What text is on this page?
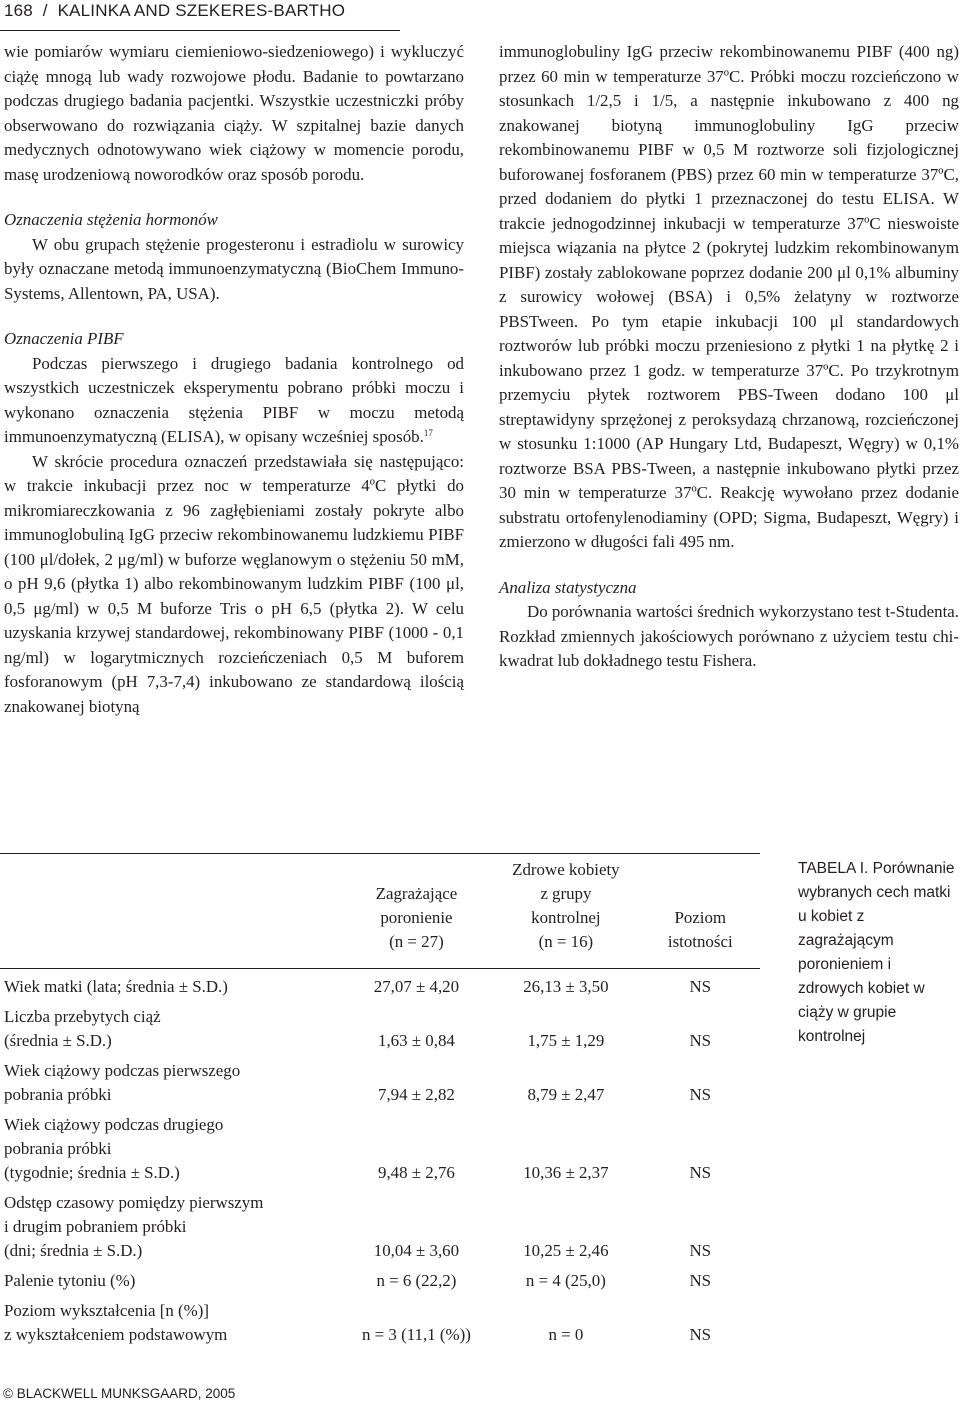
168  /  KALINKA AND SZEKERES-BARTHO

wie pomiarów wymiaru ciemieniowo-siedzeniowego) i wykluczyć ciążę mnogą lub wady rozwojowe płodu. Badanie to powtarzano podczas drugiego badania pacjentki. Wszystkie uczestniczki próby obserwowano do rozwiązania ciąży. W szpitalnej bazie danych medycznych odnotowywano wiek ciążowy w momencie porodu, masę urodzeniową noworodków oraz sposób porodu.

Oznaczenia stężenia hormonów

W obu grupach stężenie progesteronu i estradiolu w surowicy były oznaczane metodą immunoenzymatyczną (BioChem Immuno-Systems, Allentown, PA, USA).

Oznaczenia PIBF

Podczas pierwszego i drugiego badania kontrolnego od wszystkich uczestniczek eksperymentu pobrano próbki moczu i wykonano oznaczenia stężenia PIBF w moczu metodą immunoenzymatyczną (ELISA), w opisany wcześniej sposób.$^{17}$

W skrócie procedura oznaczeń przedstawiała się następująco: w trakcie inkubacji przez noc w temperaturze 4ºC płytki do mikromiareczkowania z 96 zagłębieniami zostały pokryte albo immunoglobuliną IgG przeciw rekombinowanemu ludzkiemu PIBF (100 μl/dołek, 2 μg/ml) w buforze węglanowym o stężeniu 50 mM, o pH 9,6 (płytka 1) albo rekombinowanym ludzkim PIBF (100 μl, 0,5 μg/ml) w 0,5 M buforze Tris o pH 6,5 (płytka 2). W celu uzyskania krzywej standardowej, rekombinowany PIBF (1000 - 0,1 ng/ml) w logarytmicznych rozcieńczeniach 0,5 M buforem fosforanowym (pH 7,3-7,4) inkubowano ze standardową ilością znakowanej biotyną

immunoglobuliny IgG przeciw rekombinowanemu PIBF (400 ng) przez 60 min w temperaturze 37ºC. Próbki moczu rozcieńczono w stosunkach 1/2,5 i 1/5, a następnie inkubowano z 400 ng znakowanej biotyną immunoglobuliny IgG przeciw rekombinowanemu PIBF w 0,5 M roztworze soli fizjologicznej buforowanej fosforanem (PBS) przez 60 min w temperaturze 37ºC, przed dodaniem do płytki 1 przeznaczonej do testu ELISA. W trakcie jednogodzinnej inkubacji w temperaturze 37ºC nieswoiste miejsca wiązania na płytce 2 (pokrytej ludzkim rekombinowanym PIBF) zostały zablokowane poprzez dodanie 200 μl 0,1% albuminy z surowicy wołowej (BSA) i 0,5% żelatyny w roztworze PBSTween. Po tym etapie inkubacji 100 μl standardowych roztworów lub próbki moczu przeniesiono z płytki 1 na płytkę 2 i inkubowano przez 1 godz. w temperaturze 37ºC. Po trzykrotnym przemyciu płytek roztworem PBS-Tween dodano 100 μl streptawidyny sprzężonej z peroksydazą chrzanową, rozcieńczonej w stosunku 1:1000 (AP Hungary Ltd, Budapeszt, Węgry) w 0,1% roztworze BSA PBS-Tween, a następnie inkubowano płytki przez 30 min w temperaturze 37ºC. Reakcję wywołano przez dodanie substratu ortofenylenodiaminy (OPD; Sigma, Budapeszt, Węgry) i zmierzono w długości fali 495 nm.

Analiza statystyczna

Do porównania wartości średnich wykorzystano test t-Studenta. Rozkład zmiennych jakościowych porównano z użyciem testu chi-kwadrat lub dokładnego testu Fishera.

	Zagrażające
poronienie
(n = 27)	Zdrowe kobiety
z grupy
kontrolnej
(n = 16)	Poziom
istotności
Wiek matki (lata; średnia ± S.D.)	27,07 ± 4,20	26,13 ± 3,50	NS
Liczba przebytych ciąż
(średnia ± S.D.)	1,63 ± 0,84	1,75 ± 1,29	NS
Wiek ciążowy podczas pierwszego
pobrania próbki	7,94 ± 2,82	8,79 ± 2,47	NS
Wiek ciążowy podczas drugiego
pobrania próbki
(tygodnie; średnia ± S.D.)	9,48 ± 2,76	10,36 ± 2,37	NS
Odstęp czasowy pomiędzy pierwszym
i drugim pobraniem próbki
(dni; średnia ± S.D.)	10,04 ± 3,60	10,25 ± 2,46	NS
Palenie tytoniu (%)	n = 6 (22,2)	n = 4 (25,0)	NS
Poziom wykształcenia [n (%)]
z wykształceniem podstawowym	n = 3 (11,1 (%))	n = 0	NS
TABELA I. Porównanie wybranych cech matki u kobiet z zagrażającym poronieniem i zdrowych kobiet w ciąży w grupie kontrolnej
© BLACKWELL MUNKSGAARD, 2005
